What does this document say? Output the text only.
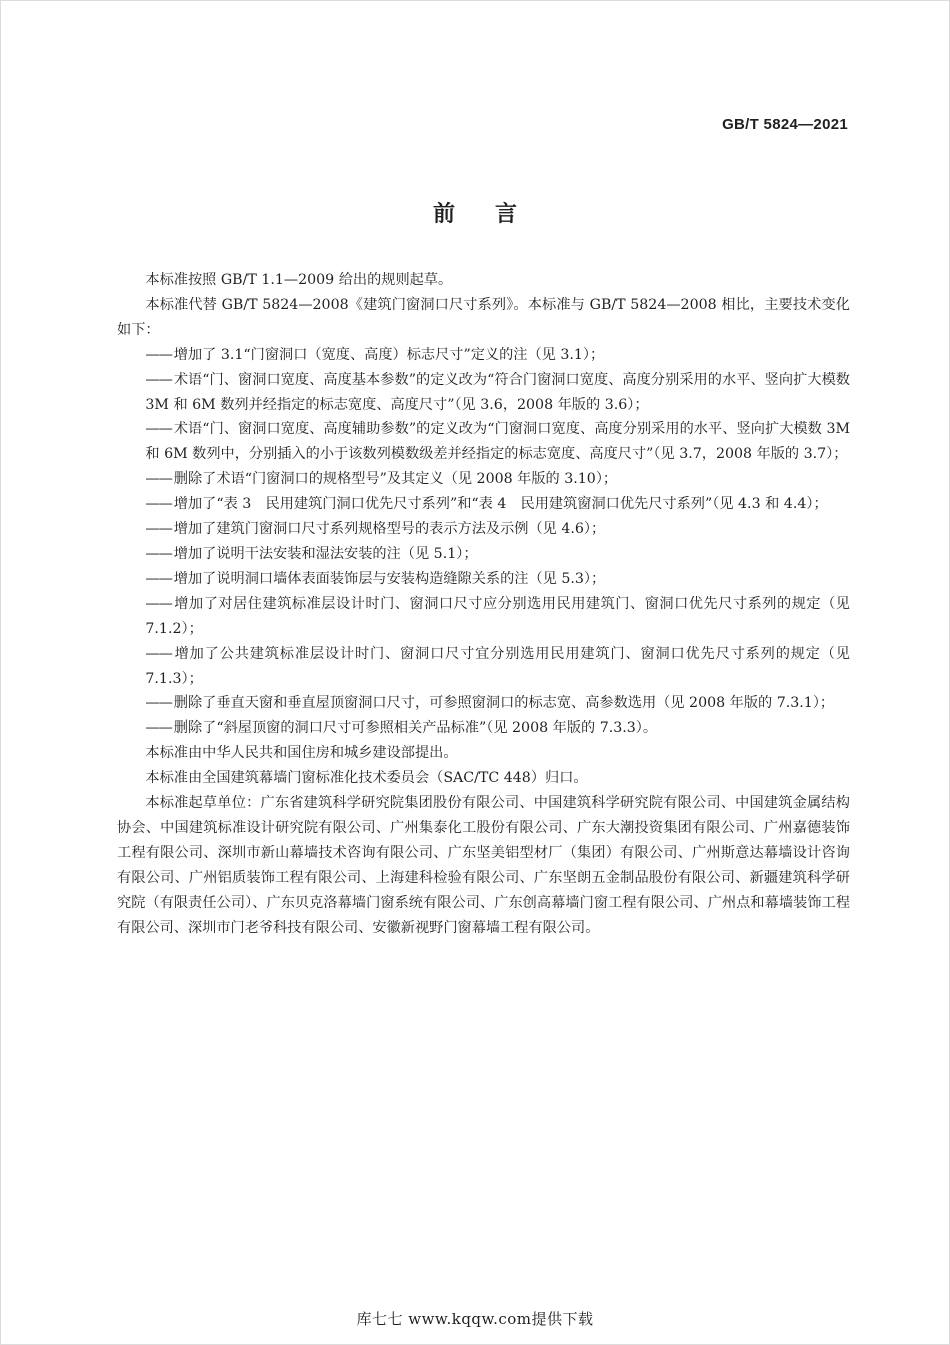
GB/T 5824—2021
前言

本标准按照 GB/T 1.1—2009 给出的规则起草。

本标准代替 GB/T 5824—2008《建筑门窗洞口尺寸系列》。本标准与 GB/T 5824—2008 相比，主要技术变化如下：

—— 增加了 3.1“门窗洞口（宽度、高度）标志尺寸”定义的注（见 3.1）；

—— 术语“门、窗洞口宽度、高度基本参数”的定义改为“符合门窗洞口宽度、高度分别采用的水平、竖向扩大模数 3M 和 6M 数列并经指定的标志宽度、高度尺寸”（见 3.6，2008 年版的 3.6）；

—— 术语“门、窗洞口宽度、高度辅助参数”的定义改为“门窗洞口宽度、高度分别采用的水平、竖向扩大模数 3M 和 6M 数列中，分别插入的小于该数列模数级差并经指定的标志宽度、高度尺寸”（见 3.7，2008 年版的 3.7）；

—— 删除了术语“门窗洞口的规格型号”及其定义（见 2008 年版的 3.10）；

—— 增加了“表 3　民用建筑门洞口优先尺寸系列”和“表 4　民用建筑窗洞口优先尺寸系列”（见 4.3 和 4.4）；

—— 增加了建筑门窗洞口尺寸系列规格型号的表示方法及示例（见 4.6）；

—— 增加了说明干法安装和湿法安装的注（见 5.1）；

—— 增加了说明洞口墙体表面装饰层与安装构造缝隙关系的注（见 5.3）；

—— 增加了对居住建筑标准层设计时门、窗洞口尺寸应分别选用民用建筑门、窗洞口优先尺寸系列的规定（见 7.1.2）；

—— 增加了公共建筑标准层设计时门、窗洞口尺寸宜分别选用民用建筑门、窗洞口优先尺寸系列的规定（见 7.1.3）；

—— 删除了垂直天窗和垂直屋顶窗洞口尺寸，可参照窗洞口的标志宽、高参数选用（见 2008 年版的 7.3.1）；

—— 删除了“斜屋顶窗的洞口尺寸可参照相关产品标准”（见 2008 年版的 7.3.3）。

本标准由中华人民共和国住房和城乡建设部提出。

本标准由全国建筑幕墙门窗标准化技术委员会（SAC/TC 448）归口。

本标准起草单位：广东省建筑科学研究院集团股份有限公司、中国建筑科学研究院有限公司、中国建筑金属结构协会、中国建筑标准设计研究院有限公司、广州集泰化工股份有限公司、广东大潮投资集团有限公司、广州嘉德装饰工程有限公司、深圳市新山幕墙技术咨询有限公司、广东坚美铝型材厂（集团）有限公司、广州斯意达幕墙设计咨询有限公司、广州铝质装饰工程有限公司、上海建科检验有限公司、广东坚朗五金制品股份有限公司、新疆建筑科学研究院（有限责任公司）、广东贝克洛幕墙门窗系统有限公司、广东创高幕墙门窗工程有限公司、广州点和幕墙装饰工程有限公司、深圳市门老爷科技有限公司、安徽新视野门窗幕墙工程有限公司。

库七七 www.kqqw.com提供下载
